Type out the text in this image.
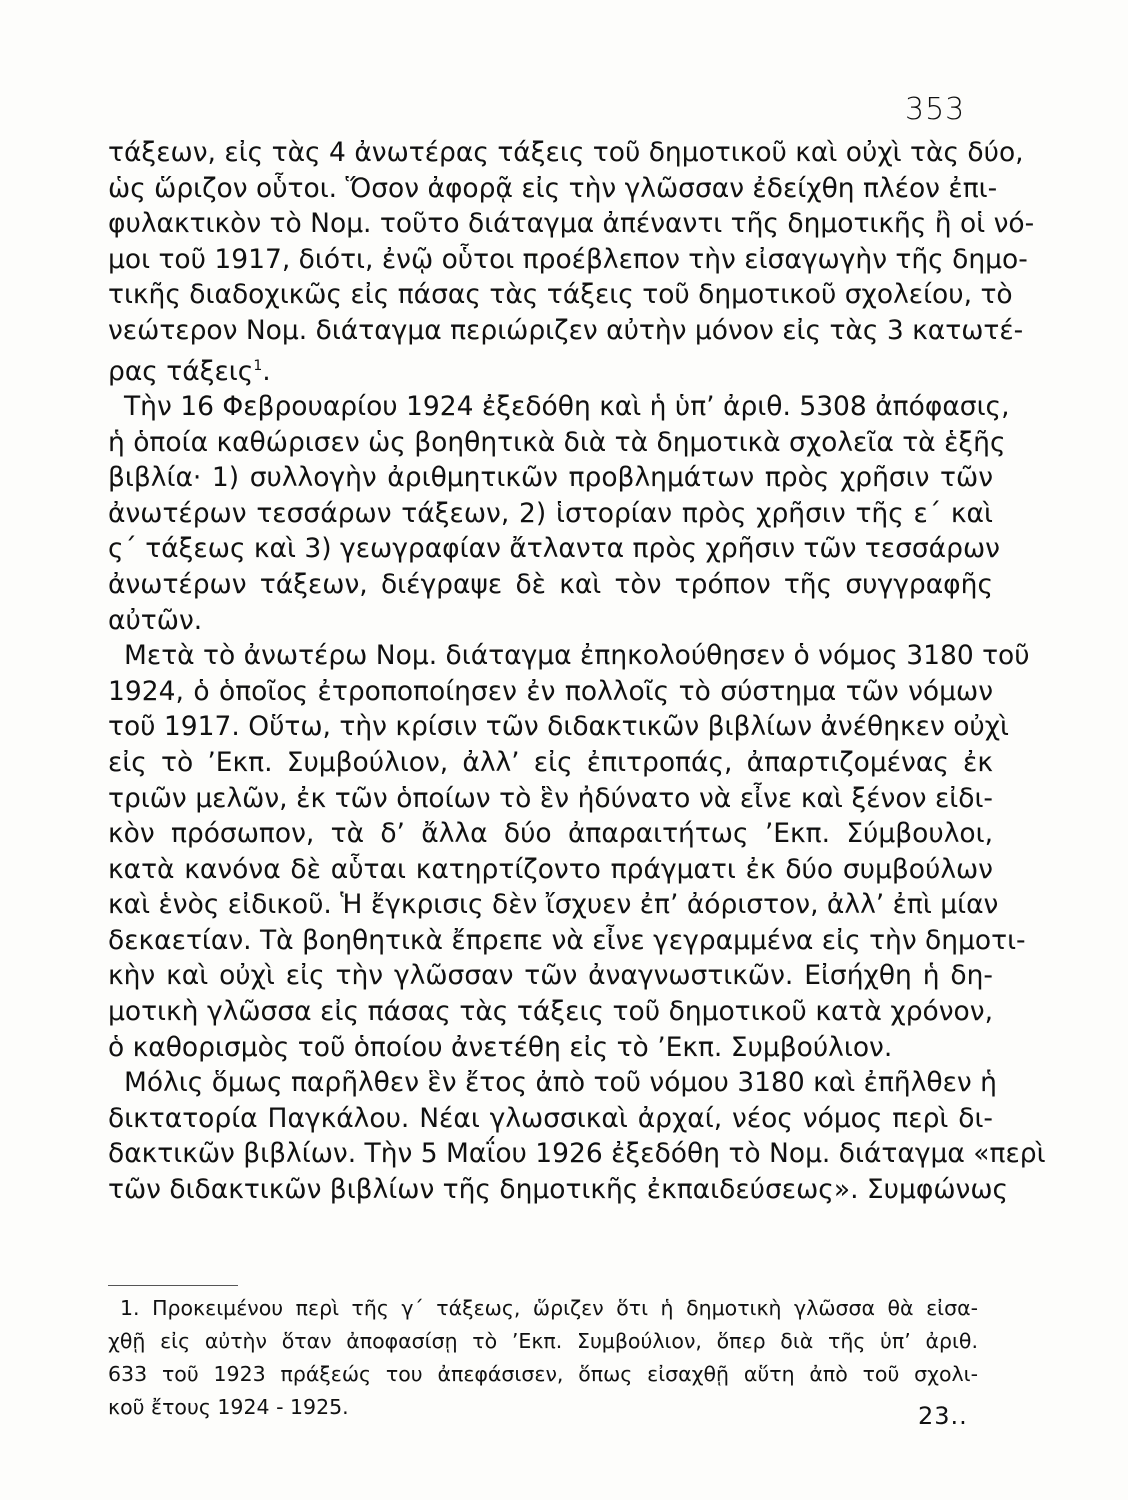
353
τάξεων, εἰς τὰς 4 ἀνωτέρας τάξεις τοῦ δημοτικοῦ καὶ οὐχὶ τὰς δύο,
ὡς ὥριζον οὗτοι. Ὅσον ἀφορᾷ εἰς τὴν γλῶσσαν ἐδείχθη πλέον ἐπι-
φυλακτικὸν τὸ Νομ. τοῦτο διάταγμα ἀπέναντι τῆς δημοτικῆς ἢ οἱ νό-
μοι τοῦ 1917, διότι, ἐνῷ οὗτοι προέβλεπον τὴν εἰσαγωγὴν τῆς δημο-
τικῆς διαδοχικῶς εἰς πάσας τὰς τάξεις τοῦ δημοτικοῦ σχολείου, τὸ
νεώτερον Νομ. διάταγμα περιώριζεν αὐτὴν μόνον εἰς τὰς 3 κατωτέ-
ρας τάξεις$^1$.
Τὴν 16 Φεβρουαρίου 1924 ἐξεδόθη καὶ ἡ ὑπ’ ἀριθ. 5308 ἀπόφασις,
ἡ ὁποία καθώρισεν ὡς βοηθητικὰ διὰ τὰ δημοτικὰ σχολεῖα τὰ ἑξῆς
βιβλία· 1) συλλογὴν ἀριθμητικῶν προβλημάτων πρὸς χρῆσιν τῶν
ἀνωτέρων τεσσάρων τάξεων, 2) ἱστορίαν πρὸς χρῆσιν τῆς ε΄ καὶ
ς΄ τάξεως καὶ 3) γεωγραφίαν ἄτλαντα πρὸς χρῆσιν τῶν τεσσάρων
ἀνωτέρων τάξεων, διέγραψε δὲ καὶ τὸν τρόπον τῆς συγγραφῆς
αὐτῶν.
Μετὰ τὸ ἀνωτέρω Νομ. διάταγμα ἐπηκολούθησεν ὁ νόμος 3180 τοῦ
1924, ὁ ὁποῖος ἐτροποποίησεν ἐν πολλοῖς τὸ σύστημα τῶν νόμων
τοῦ 1917. Οὕτω, τὴν κρίσιν τῶν διδακτικῶν βιβλίων ἀνέθηκεν οὐχὶ
εἰς τὸ ’Εκπ. Συμβούλιον, ἀλλ’ εἰς ἐπιτροπάς, ἀπαρτιζομένας ἐκ
τριῶν μελῶν, ἐκ τῶν ὁποίων τὸ ἓν ἠδύνατο νὰ εἶνε καὶ ξένον εἰδι-
κὸν πρόσωπον, τὰ δ’ ἄλλα δύο ἀπαραιτήτως ’Εκπ. Σύμβουλοι,
κατὰ κανόνα δὲ αὗται κατηρτίζοντο πράγματι ἐκ δύο συμβούλων
καὶ ἑνὸς εἰδικοῦ. Ἡ ἔγκρισις δὲν ἴσχυεν ἐπ’ ἀόριστον, ἀλλ’ ἐπὶ μίαν
δεκαετίαν. Τὰ βοηθητικὰ ἔπρεπε νὰ εἶνε γεγραμμένα εἰς τὴν δημοτι-
κὴν καὶ οὐχὶ εἰς τὴν γλῶσσαν τῶν ἀναγνωστικῶν. Εἰσήχθη ἡ δη-
μοτικὴ γλῶσσα εἰς πάσας τὰς τάξεις τοῦ δημοτικοῦ κατὰ χρόνον,
ὁ καθορισμὸς τοῦ ὁποίου ἀνετέθη εἰς τὸ ’Εκπ. Συμβούλιον.
Μόλις ὅμως παρῆλθεν ἓν ἔτος ἀπὸ τοῦ νόμου 3180 καὶ ἐπῆλθεν ἡ
δικτατορία Παγκάλου. Νέαι γλωσσικαὶ ἀρχαί, νέος νόμος περὶ δι-
δακτικῶν βιβλίων. Τὴν 5 Μαΐου 1926 ἐξεδόθη τὸ Νομ. διάταγμα «περὶ
τῶν διδακτικῶν βιβλίων τῆς δημοτικῆς ἐκπαιδεύσεως». Συμφώνως
1. Προκειμένου περὶ τῆς γ΄ τάξεως, ὥριζεν ὅτι ἡ δημοτικὴ γλῶσσα θὰ εἰσα-
χθῇ εἰς αὐτὴν ὅταν ἀποφασίσῃ τὸ ’Εκπ. Συμβούλιον, ὅπερ διὰ τῆς ὑπ’ ἀριθ.
633 τοῦ 1923 πράξεώς του ἀπεφάσισεν, ὅπως εἰσαχθῇ αὕτη ἀπὸ τοῦ σχολι-
κοῦ ἔτους 1924 - 1925.	23..
